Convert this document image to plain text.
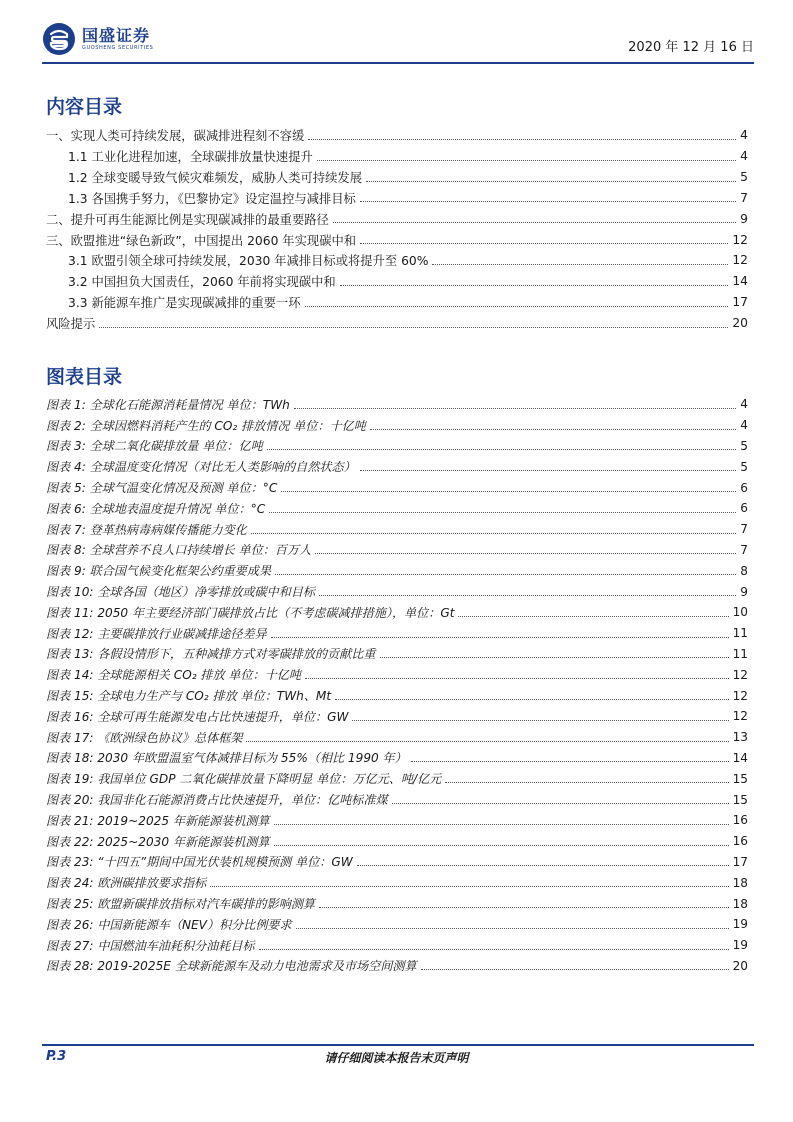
国盛证券
GUOSHENG SECURITIES	2020 年 12 月 16 日
内容目录
一、实现人类可持续发展，碳减排进程刻不容缓	4
1.1 工业化进程加速，全球碳排放量快速提升	4
1.2 全球变暖导致气候灾难频发，威胁人类可持续发展	5
1.3 各国携手努力，《巴黎协定》设定温控与减排目标	7
二、提升可再生能源比例是实现碳减排的最重要路径	9
三、欧盟推进“绿色新政”，中国提出 2060 年实现碳中和	12
3.1 欧盟引领全球可持续发展，2030 年减排目标或将提升至 60%	12
3.2 中国担负大国责任，2060 年前将实现碳中和	14
3.3 新能源车推广是实现碳减排的重要一环	17
风险提示	20
图表目录
图表 1: 全球化石能源消耗量情况 单位：TWh	4
图表 2: 全球因燃料消耗产生的 CO₂ 排放情况 单位：十亿吨	4
图表 3: 全球二氧化碳排放量 单位：亿吨	5
图表 4: 全球温度变化情况（对比无人类影响的自然状态）	5
图表 5: 全球气温变化情况及预测 单位：°C	6
图表 6: 全球地表温度提升情况 单位：°C	6
图表 7: 登革热病毒病媒传播能力变化	7
图表 8: 全球营养不良人口持续增长 单位：百万人	7
图表 9: 联合国气候变化框架公约重要成果	8
图表 10: 全球各国（地区）净零排放或碳中和目标	9
图表 11: 2050 年主要经济部门碳排放占比（不考虑碳减排措施），单位：Gt	10
图表 12: 主要碳排放行业碳减排途径差异	11
图表 13: 各假设情形下，五种减排方式对零碳排放的贡献比重	11
图表 14: 全球能源相关 CO₂ 排放 单位：十亿吨	12
图表 15: 全球电力生产与 CO₂ 排放 单位：TWh、Mt	12
图表 16: 全球可再生能源发电占比快速提升，单位：GW	12
图表 17: 《欧洲绿色协议》总体框架	13
图表 18: 2030 年欧盟温室气体减排目标为 55%（相比 1990 年）	14
图表 19: 我国单位 GDP 二氧化碳排放量下降明显 单位：万亿元、吨/亿元	15
图表 20: 我国非化石能源消费占比快速提升，单位：亿吨标准煤	15
图表 21: 2019~2025 年新能源装机测算	16
图表 22: 2025~2030 年新能源装机测算	16
图表 23: “十四五”期间中国光伏装机规模预测 单位：GW	17
图表 24: 欧洲碳排放要求指标	18
图表 25: 欧盟新碳排放指标对汽车碳排的影响测算	18
图表 26: 中国新能源车（NEV）积分比例要求	19
图表 27: 中国燃油车油耗积分油耗目标	19
图表 28: 2019-2025E 全球新能源车及动力电池需求及市场空间测算	20
P.3	请仔细阅读本报告末页声明
